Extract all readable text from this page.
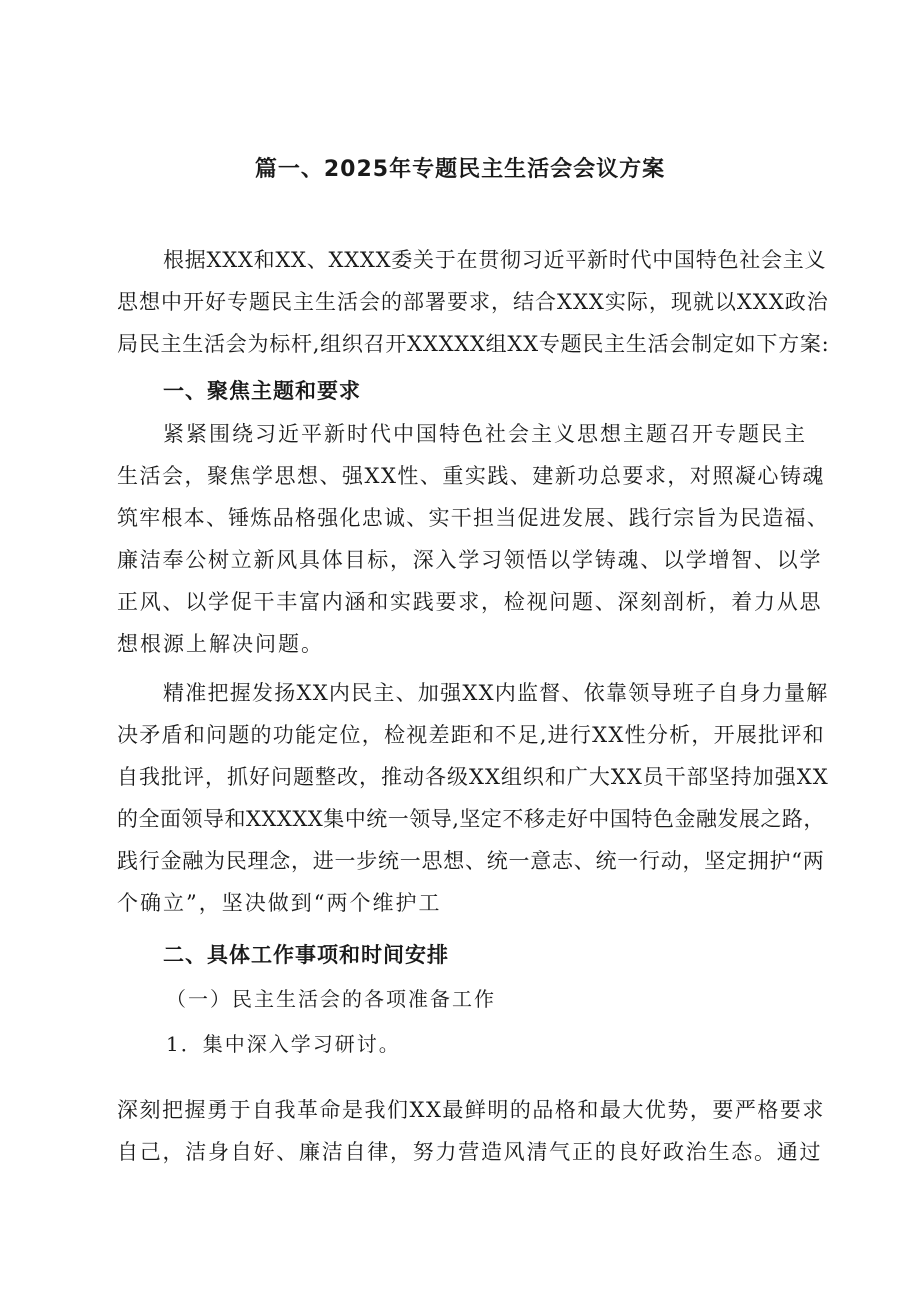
篇一、2025年专题民主生活会会议方案

根据XXX和XX、XXXX委关于在贯彻习近平新时代中国特色社会主义
思想中开好专题民主生活会的部署要求，结合XXX实际，现就以XXX政治
局民主生活会为标杆,组织召开XXXXX组XX专题民主生活会制定如下方案:

一、聚焦主题和要求

紧紧围绕习近平新时代中国特色社会主义思想主题召开专题民主
生活会，聚焦学思想、强XX性、重实践、建新功总要求，对照凝心铸魂
筑牢根本、锤炼品格强化忠诚、实干担当促进发展、践行宗旨为民造福、
廉洁奉公树立新风具体目标，深入学习领悟以学铸魂、以学增智、以学
正风、以学促干丰富内涵和实践要求，检视问题、深刻剖析，着力从思
想根源上解决问题。

精准把握发扬XX内民主、加强XX内监督、依靠领导班子自身力量解
决矛盾和问题的功能定位，检视差距和不足,进行XX性分析，开展批评和
自我批评，抓好问题整改，推动各级XX组织和广大XX员干部坚持加强XX
的全面领导和XXXXX集中统一领导,坚定不移走好中国特色金融发展之路，
践行金融为民理念，进一步统一思想、统一意志、统一行动，坚定拥护“两
个确立”，坚决做到“两个维护工

二、具体工作事项和时间安排
（一）民主生活会的各项准备工作
1．集中深入学习研讨。

深刻把握勇于自我革命是我们XX最鲜明的品格和最大优势，要严格要求
自己，洁身自好、廉洁自律，努力营造风清气正的良好政治生态。通过
